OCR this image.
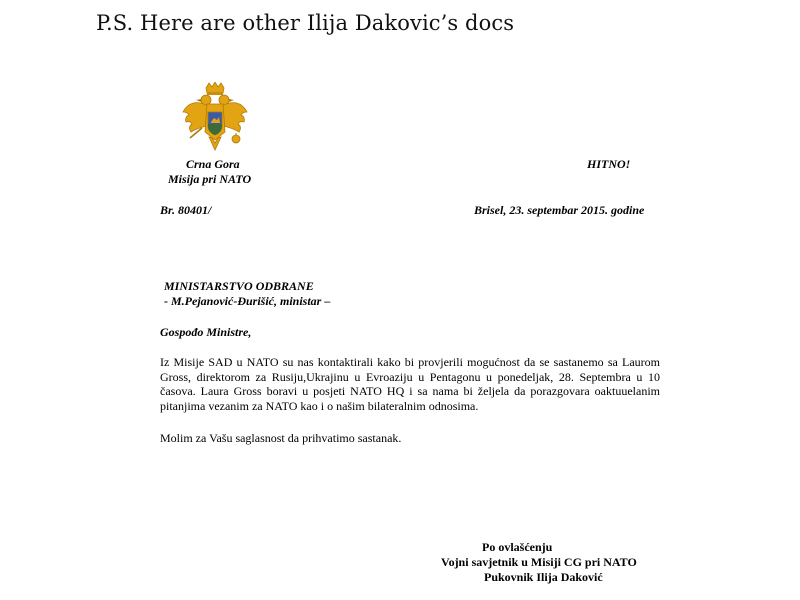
P.S. Here are other Ilija Dakovic’s docs
Crna Gora
Misija pri NATO
HITNO!
Br. 80401/	Brisel, 23. septembar 2015. godine
MINISTARSTVO ODBRANE
- M.Pejanović-Đurišić, ministar –
Gospođo Ministre,
Iz Misije SAD u NATO su nas kontaktirali kako bi provjerili mogućnost da se sastanemo sa Laurom Gross, direktorom za Rusiju,Ukrajinu u Evroaziju u Pentagonu u ponedeljak, 28. Septembra u 10 časova. Laura Gross boravi u posjeti NATO HQ i sa nama bi željela da porazgovara oaktuuelanim pitanjima vezanim za NATO kao i o našim bilateralnim odnosima.
Molim za Vašu saglasnost da prihvatimo sastanak.
Po ovlašćenju
Vojni savjetnik u Misiji CG pri NATO
Pukovnik Ilija Daković
